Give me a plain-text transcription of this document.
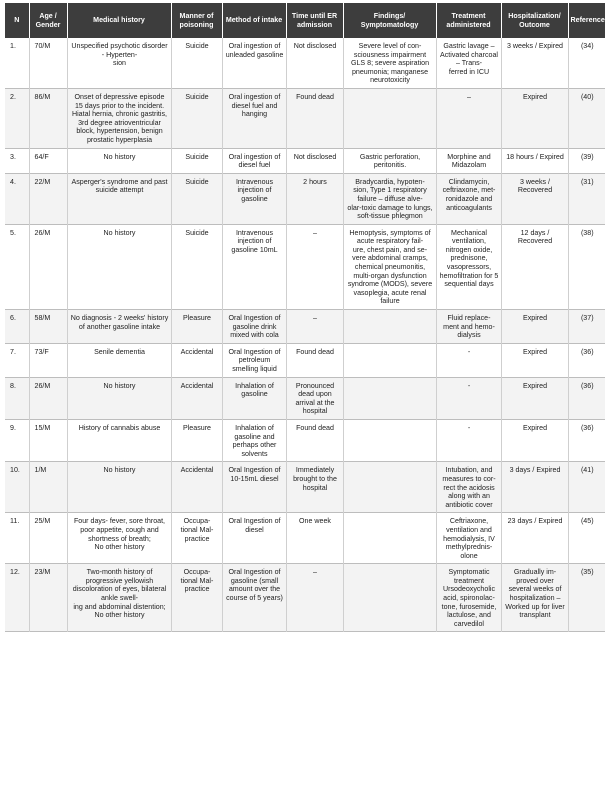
N	Age / Gender	Medical history	Manner of poisoning	Method of intake	Time until ER admission	Findings/ Symptomatology	Treatment administered	Hospitalization/ Outcome	Reference
1.	70/M	Unspecified psychotic disorder - Hyperten-
sion	Suicide	Oral ingestion of unleaded gasoline	Not disclosed	Severe level of con-
sciousness impairment GLS 8; severe aspiration pneumonia; manganese neurotoxicity	Gastric lavage – Activated charcoal – Trans-
ferred in ICU	3 weeks / Expired	(34)
2.	86/M	Onset of depressive episode 15 days prior to the incident.
Hiatal hernia, chronic gastritis, 3rd degree atrioventricular block, hypertension, benign prostatic hyperplasia	Suicide	Oral ingestion of diesel fuel and hanging	Found dead		–	Expired	(40)
3.	64/F	No history	Suicide	Oral ingestion of diesel fuel	Not disclosed	Gastric perforation, peritonitis.	Morphine and Midazolam	18 hours / Expired	(39)
4.	22/M	Asperger's syndrome and past suicide attempt	Suicide	Intravenous injection of gasoline	2 hours	Bradycardia, hypoten-
sion, Type 1 respiratory failure – diffuse alve-
olar-toxic damage to lungs,
soft-tissue phlegmon	Clindamycin, ceftriaxone, met-
ronidazole and anticoagulants	3 weeks / Recovered	(31)
5.	26/M	No history	Suicide	Intravenous injection of gasoline 10mL	–	Hemoptysis, symptoms of acute respiratory fail-
ure, chest pain, and se-
vere abdominal cramps, chemical pneumonitis, multi-organ dysfunction syndrome (MODS), severe vasoplegia, acute renal failure	Mechanical ventilation, nitrogen oxide, prednisone, vasopressors, hemofiltration for 5 sequential days	12 days / Recovered	(38)
6.	58/M	No diagnosis - 2 weeks' history of another gasoline intake	Pleasure	Oral Ingestion of gasoline drink mixed with cola	–		Fluid replace-
ment and hemo-
dialysis	Expired	(37)
7.	73/F	Senile dementia	Accidental	Oral Ingestion of petroleum smelling liquid	Found dead		-	Expired	(36)
8.	26/M	No history	Accidental	Inhalation of gasoline	Pronounced dead upon arrival at the hospital		-	Expired	(36)
9.	15/M	History of cannabis abuse	Pleasure	Inhalation of gasoline and perhaps other solvents	Found dead		-	Expired	(36)
10.	1/M	No history	Accidental	Oral Ingestion of 10-15mL diesel	Immediately brought to the hospital		Intubation, and measures to cor-
rect the acidosis along with an antibiotic cover	3 days / Expired	(41)
11.	25/M	Four days- fever, sore throat, poor appetite, cough and shortness of breath;
No other history	Occupa-
tional Mal-
practice	Oral Ingestion of diesel	One week		Ceftriaxone, ventilation and hemodialysis, IV methylprednis-
olone	23 days / Expired	(45)
12.	23/M	Two-month history of progressive yellowish discoloration of eyes, bilateral ankle swell-
ing and abdominal distention;
No other history	Occupa-
tional Mal-
practice	Oral Ingestion of gasoline (small amount over the course of 5 years)	–		Symptomatic treatment Ursodeoxycholic acid, spironolac-
tone, furosemide, lactulose, and carvedilol	Gradually im-
proved over several weeks of hospitalization – Worked up for liver transplant	(35)
